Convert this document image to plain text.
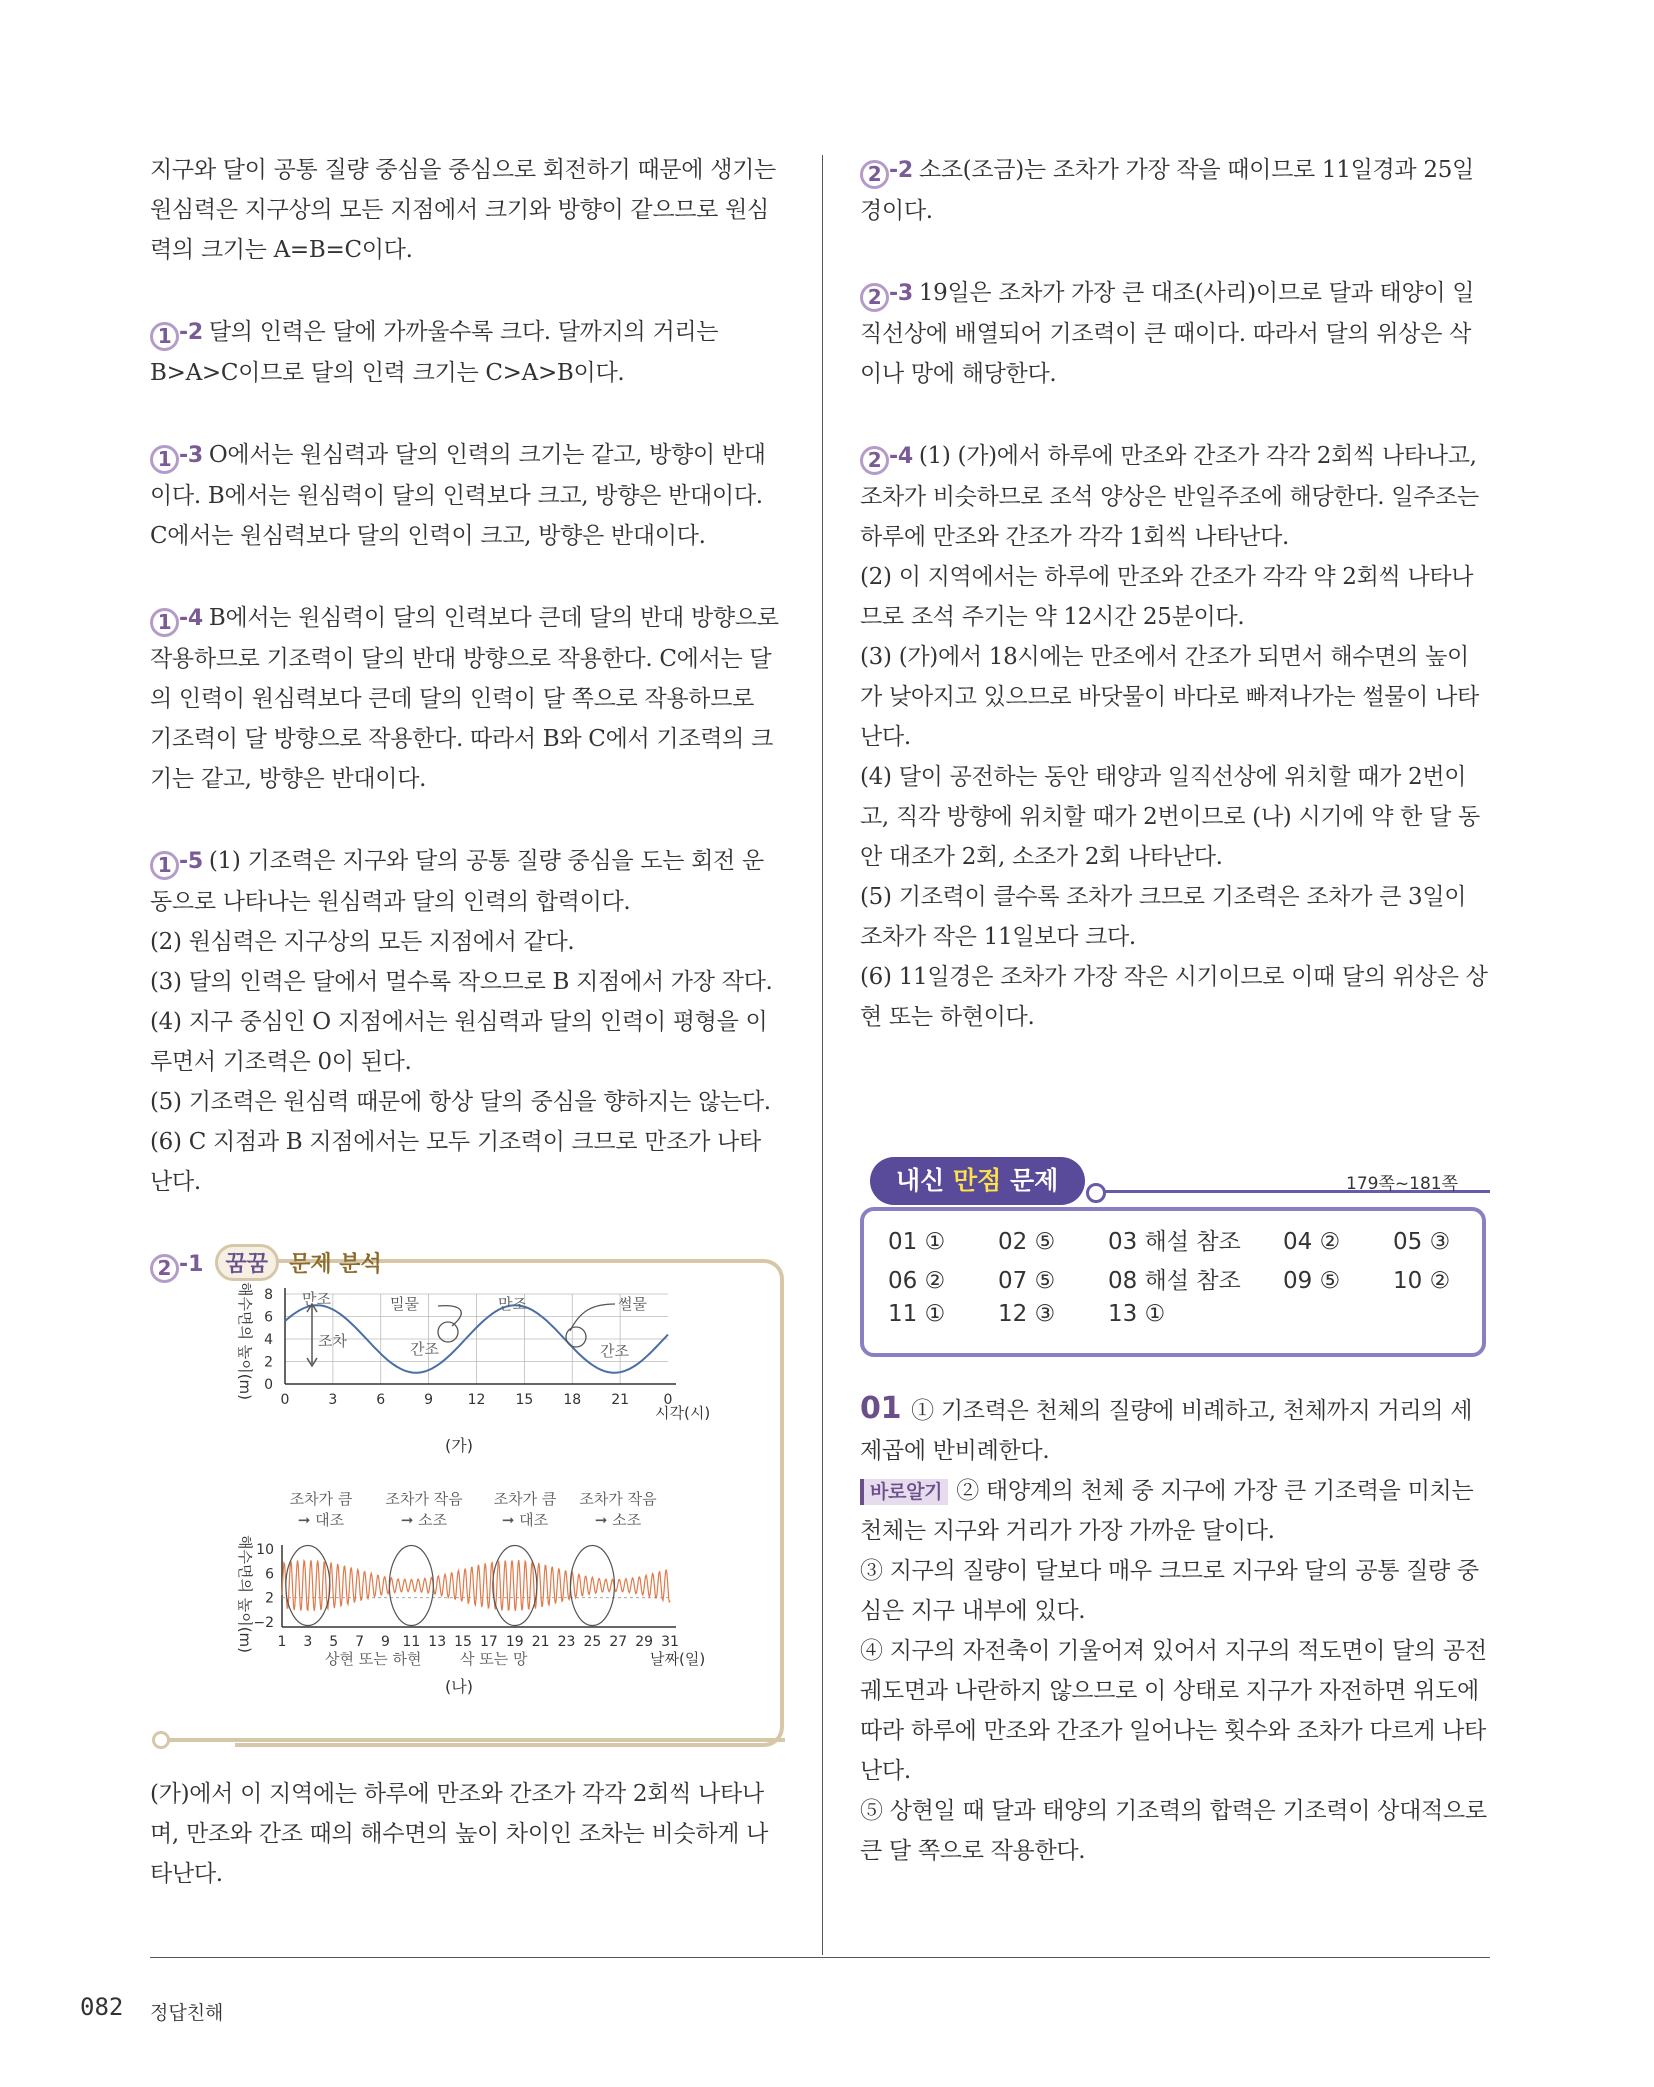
지구와 달이 공통 질량 중심을 중심으로 회전하기 때문에 생기는 원심력은 지구상의 모든 지점에서 크기와 방향이 같으므로 원심력의 크기는 A=B=C이다.

1 -2 달의 인력은 달에 가까울수록 크다. 달까지의 거리는 B>A>C이므로 달의 인력 크기는 C>A>B이다.

1 -3 O에서는 원심력과 달의 인력의 크기는 같고, 방향이 반대이다. B에서는 원심력이 달의 인력보다 크고, 방향은 반대이다. C에서는 원심력보다 달의 인력이 크고, 방향은 반대이다.

1 -4 B에서는 원심력이 달의 인력보다 큰데 달의 반대 방향으로 작용하므로 기조력이 달의 반대 방향으로 작용한다. C에서는 달의 인력이 원심력보다 큰데 달의 인력이 달 쪽으로 작용하므로 기조력이 달 방향으로 작용한다. 따라서 B와 C에서 기조력의 크기는 같고, 방향은 반대이다.

1 -5 (1) 기조력은 지구와 달의 공통 질량 중심을 도는 회전 운동으로 나타나는 원심력과 달의 인력의 합력이다.

(2) 원심력은 지구상의 모든 지점에서 같다.

(3) 달의 인력은 달에서 멀수록 작으므로 B 지점에서 가장 작다.

(4) 지구 중심인 O 지점에서는 원심력과 달의 인력이 평형을 이루면서 기조력은 0이 된다.

(5) 기조력은 원심력 때문에 항상 달의 중심을 향하지는 않는다.

(6) C 지점과 B 지점에서는 모두 기조력이 크므로 만조가 나타난다.

2 -1 꿈꿈 문제 분석
해수면의 높이(m) 8
6
4
2
0
0	3	6	9 12 15 18 21 0
시각(시)
만조	밀물	만조	썰물
조차	간조	간조
(가)
조차가 큼
➞ 대조
조차가 작음
➞ 소조
조차가 큼
➞ 대조
조차가 작음
➞ 소조
해수면의 높이(m) 10
6
2
−2
1 3 5 7 9 11 13 15 17 19 21 23 25 27 29 31
상현 또는 하현	삭 또는 망	날짜(일)
(나)

(가)에서 이 지역에는 하루에 만조와 간조가 각각 2회씩 나타나며, 만조와 간조 때의 해수면의 높이 차이인 조차는 비슷하게 나타난다.

2 -2 소조(조금)는 조차가 가장 작을 때이므로 11일경과 25일경이다.

2 -3 19일은 조차가 가장 큰 대조(사리)이므로 달과 태양이 일직선상에 배열되어 기조력이 큰 때이다. 따라서 달의 위상은 삭이나 망에 해당한다.

2 -4 (1) (가)에서 하루에 만조와 간조가 각각 2회씩 나타나고, 조차가 비슷하므로 조석 양상은 반일주조에 해당한다. 일주조는 하루에 만조와 간조가 각각 1회씩 나타난다.

(2) 이 지역에서는 하루에 만조와 간조가 각각 약 2회씩 나타나므로 조석 주기는 약 12시간 25분이다.

(3) (가)에서 18시에는 만조에서 간조가 되면서 해수면의 높이가 낮아지고 있으므로 바닷물이 바다로 빠져나가는 썰물이 나타난다.

(4) 달이 공전하는 동안 태양과 일직선상에 위치할 때가 2번이고, 직각 방향에 위치할 때가 2번이므로 (나) 시기에 약 한 달 동안 대조가 2회, 소조가 2회 나타난다.

(5) 기조력이 클수록 조차가 크므로 기조력은 조차가 큰 3일이 조차가 작은 11일보다 크다.

(6) 11일경은 조차가 가장 작은 시기이므로 이때 달의 위상은 상현 또는 하현이다.

내신 만점 문제	179쪽~181쪽
01 ① 02 ⑤ 03 해설 참조 04 ② 05 ③
06 ② 07 ⑤ 08 해설 참조 09 ⑤ 10 ②
11 ① 12 ③ 13 ①

01 ① 기조력은 천체의 질량에 비례하고, 천체까지 거리의 세제곱에 반비례한다.

바로알기 ② 태양계의 천체 중 지구에 가장 큰 기조력을 미치는 천체는 지구와 거리가 가장 가까운 달이다.

③ 지구의 질량이 달보다 매우 크므로 지구와 달의 공통 질량 중심은 지구 내부에 있다.

④ 지구의 자전축이 기울어져 있어서 지구의 적도면이 달의 공전 궤도면과 나란하지 않으므로 이 상태로 지구가 자전하면 위도에 따라 하루에 만조와 간조가 일어나는 횟수와 조차가 다르게 나타난다.

⑤ 상현일 때 달과 태양의 기조력의 합력은 기조력이 상대적으로 큰 달 쪽으로 작용한다.

082 정답친해
